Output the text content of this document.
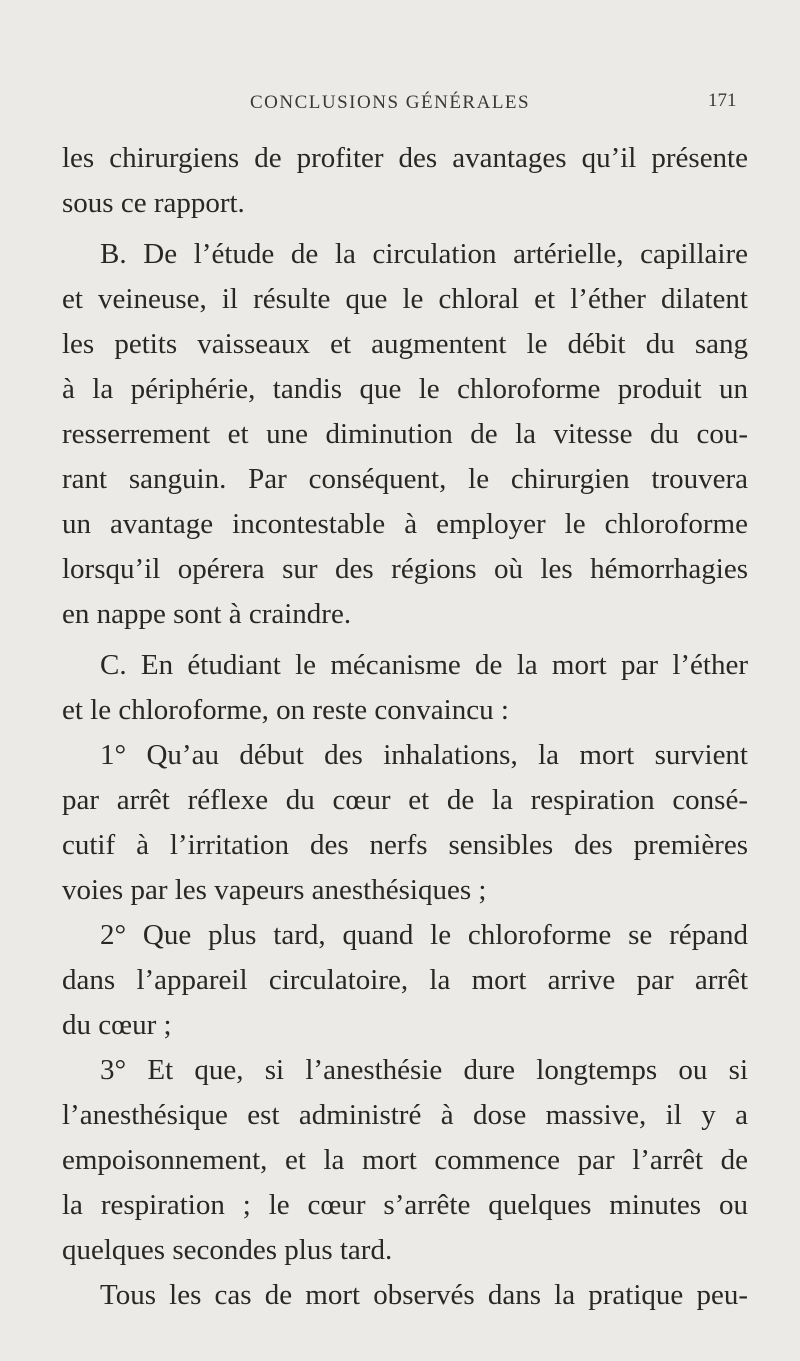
CONCLUSIONS GÉNÉRALES	171
les chirurgiens de profiter des avantages qu’il présente
sous ce rapport.
B. De l’étude de la circulation artérielle, capillaire
et veineuse, il résulte que le chloral et l’éther dilatent
les petits vaisseaux et augmentent le débit du sang
à la périphérie, tandis que le chloroforme produit un
resserrement et une diminution de la vitesse du cou-
rant sanguin. Par conséquent, le chirurgien trouvera
un avantage incontestable à employer le chloroforme
lorsqu’il opérera sur des régions où les hémorrhagies
en nappe sont à craindre.
C. En étudiant le mécanisme de la mort par l’éther
et le chloroforme, on reste convaincu :
1° Qu’au début des inhalations, la mort survient
par arrêt réflexe du cœur et de la respiration consé-
cutif à l’irritation des nerfs sensibles des premières
voies par les vapeurs anesthésiques ;
2° Que plus tard, quand le chloroforme se répand
dans l’appareil circulatoire, la mort arrive par arrêt
du cœur ;
3° Et que, si l’anesthésie dure longtemps ou si
l’anesthésique est administré à dose massive, il y a
empoisonnement, et la mort commence par l’arrêt de
la respiration ; le cœur s’arrête quelques minutes ou
quelques secondes plus tard.
Tous les cas de mort observés dans la pratique peu-
